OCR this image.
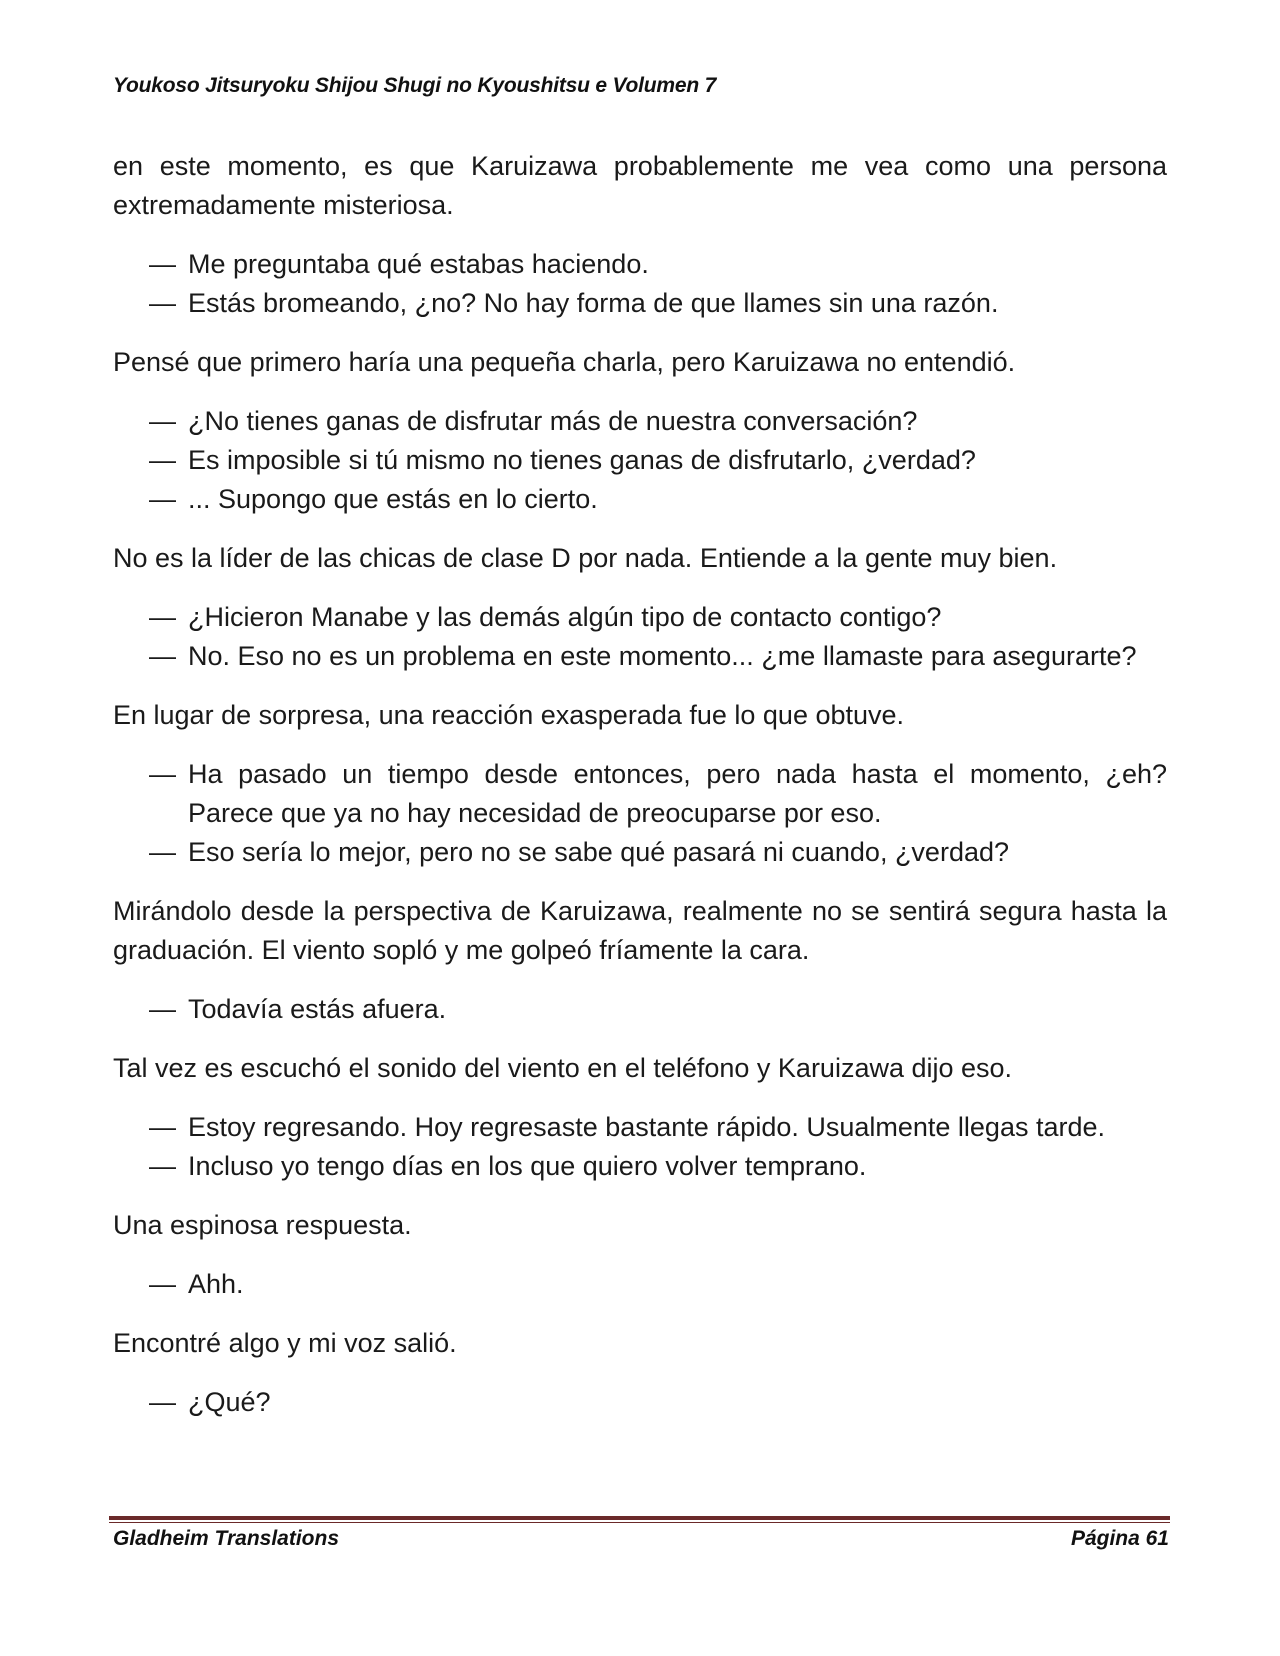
Youkoso Jitsuryoku Shijou Shugi no Kyoushitsu e Volumen 7

en este momento, es que Karuizawa probablemente me vea como una persona extremadamente misteriosa.

— Me preguntaba qué estabas haciendo.
— Estás bromeando, ¿no? No hay forma de que llames sin una razón.

Pensé que primero haría una pequeña charla, pero Karuizawa no entendió.

— ¿No tienes ganas de disfrutar más de nuestra conversación?
— Es imposible si tú mismo no tienes ganas de disfrutarlo, ¿verdad?
— ... Supongo que estás en lo cierto.

No es la líder de las chicas de clase D por nada. Entiende a la gente muy bien.

— ¿Hicieron Manabe y las demás algún tipo de contacto contigo?
— No. Eso no es un problema en este momento... ¿me llamaste para asegurarte?

En lugar de sorpresa, una reacción exasperada fue lo que obtuve.

— Ha pasado un tiempo desde entonces, pero nada hasta el momento, ¿eh? Parece que ya no hay necesidad de preocuparse por eso.
— Eso sería lo mejor, pero no se sabe qué pasará ni cuando, ¿verdad?

Mirándolo desde la perspectiva de Karuizawa, realmente no se sentirá segura hasta la graduación. El viento sopló y me golpeó fríamente la cara.

— Todavía estás afuera.

Tal vez es escuchó el sonido del viento en el teléfono y Karuizawa dijo eso.

— Estoy regresando. Hoy regresaste bastante rápido. Usualmente llegas tarde.
— Incluso yo tengo días en los que quiero volver temprano.

Una espinosa respuesta.

— Ahh.

Encontré algo y mi voz salió.

— ¿Qué?
Gladheim Translations	Página 61
